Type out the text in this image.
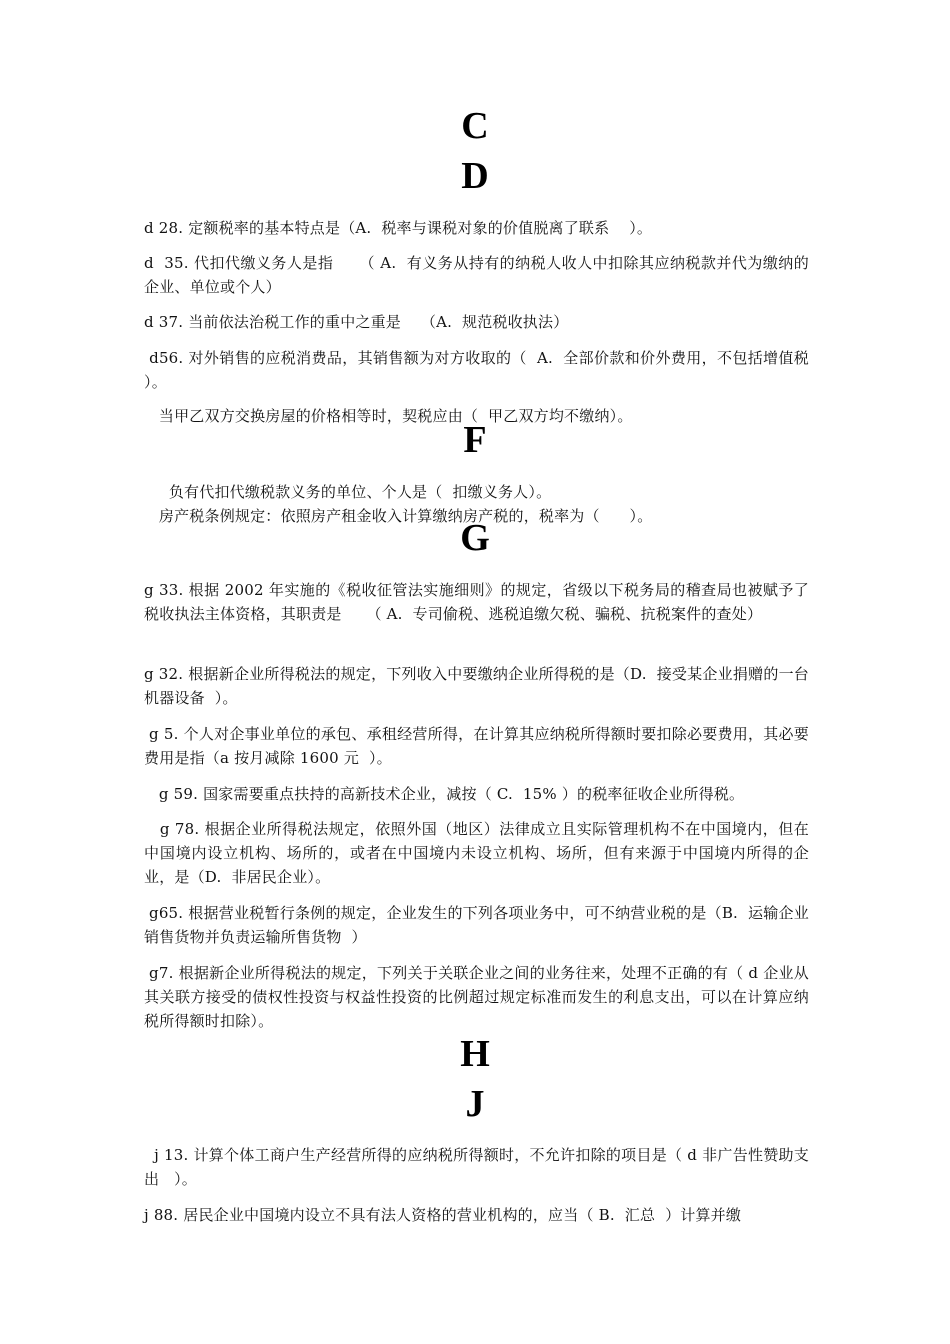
C
D
d 28. 定额税率的基本特点是（A.  税率与课税对象的价值脱离了联系    ）。
d  35. 代扣代缴义务人是指     （ A.  有义务从持有的纳税人收人中扣除其应纳税款并代为缴纳的企业、单位或个人）
d 37. 当前依法治税工作的重中之重是    （A.  规范税收执法）
d56. 对外销售的应税消费品，其销售额为对方收取的（  A.  全部价款和价外费用，不包括增值税  ）。
当甲乙双方交换房屋的价格相等时，契税应由（  甲乙双方均不缴纳）。
F
负有代扣代缴税款义务的单位、个人是（  扣缴义务人）。
房产税条例规定：依照房产租金收入计算缴纳房产税的，税率为（      ）。
G
g 33. 根据 2002 年实施的《税收征管法实施细则》的规定，省级以下税务局的稽查局也被赋予了税收执法主体资格，其职责是     （ A.  专司偷税、逃税追缴欠税、骗税、抗税案件的查处）
g 32. 根据新企业所得税法的规定，下列收入中要缴纳企业所得税的是（D.  接受某企业捐赠的一台机器设备  ）。
g 5. 个人对企事业单位的承包、承租经营所得，在计算其应纳税所得额时要扣除必要费用，其必要费用是指（a 按月减除 1600 元  ）。
g 59. 国家需要重点扶持的高新技术企业，减按（ C.  15% ）的税率征收企业所得税。
g 78. 根据企业所得税法规定，依照外国（地区）法律成立且实际管理机构不在中国境内，但在中国境内设立机构、场所的，或者在中国境内未设立机构、场所，但有来源于中国境内所得的企业，是（D.  非居民企业）。
g65. 根据营业税暂行条例的规定，企业发生的下列各项业务中，可不纳营业税的是（B.  运输企业销售货物并负责运输所售货物  ）
g7. 根据新企业所得税法的规定，下列关于关联企业之间的业务往来，处理不正确的有（ d 企业从其关联方接受的债权性投资与权益性投资的比例超过规定标准而发生的利息支出，可以在计算应纳税所得额时扣除）。
H
J
j 13. 计算个体工商户生产经营所得的应纳税所得额时，不允许扣除的项目是（ d 非广告性赞助支出   ）。
j 88. 居民企业中国境内设立不具有法人资格的营业机构的，应当（ B.  汇总  ）计算并缴
